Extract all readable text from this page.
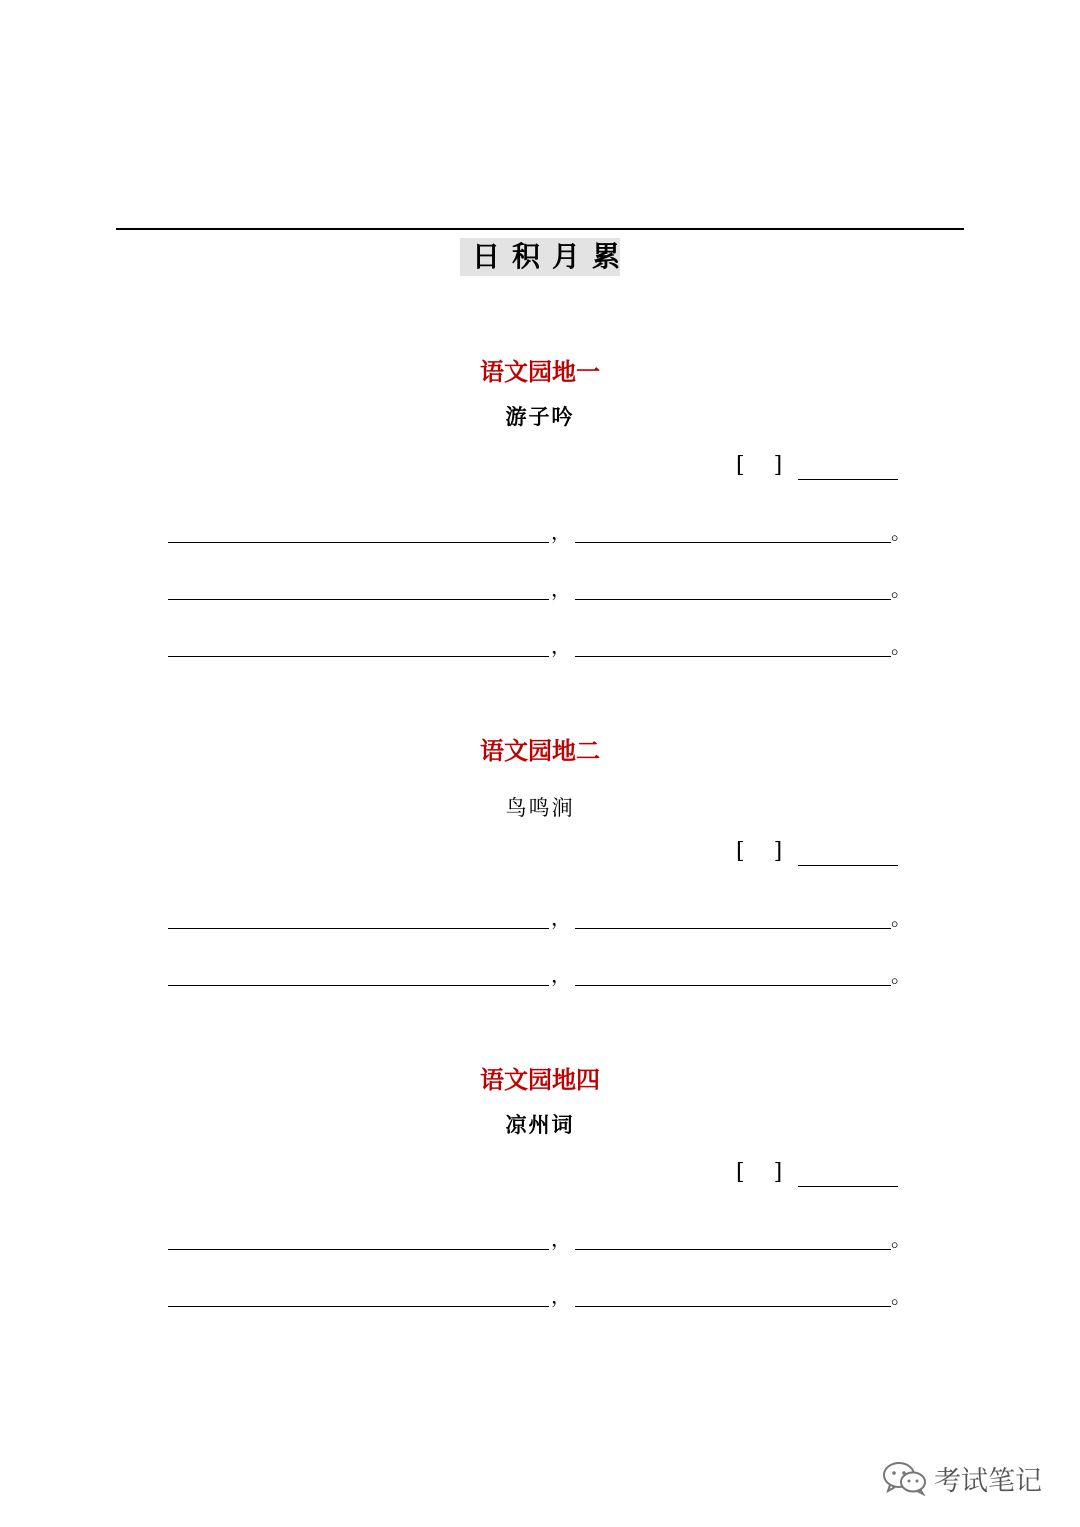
日积月累
语文园地一
游子吟
[　 ]
，	。
，	。
，	。
语文园地二
鸟鸣涧
[　 ]
，	。
，	。
语文园地四
凉州词
[　 ]
，	。
，	。
考试笔记
